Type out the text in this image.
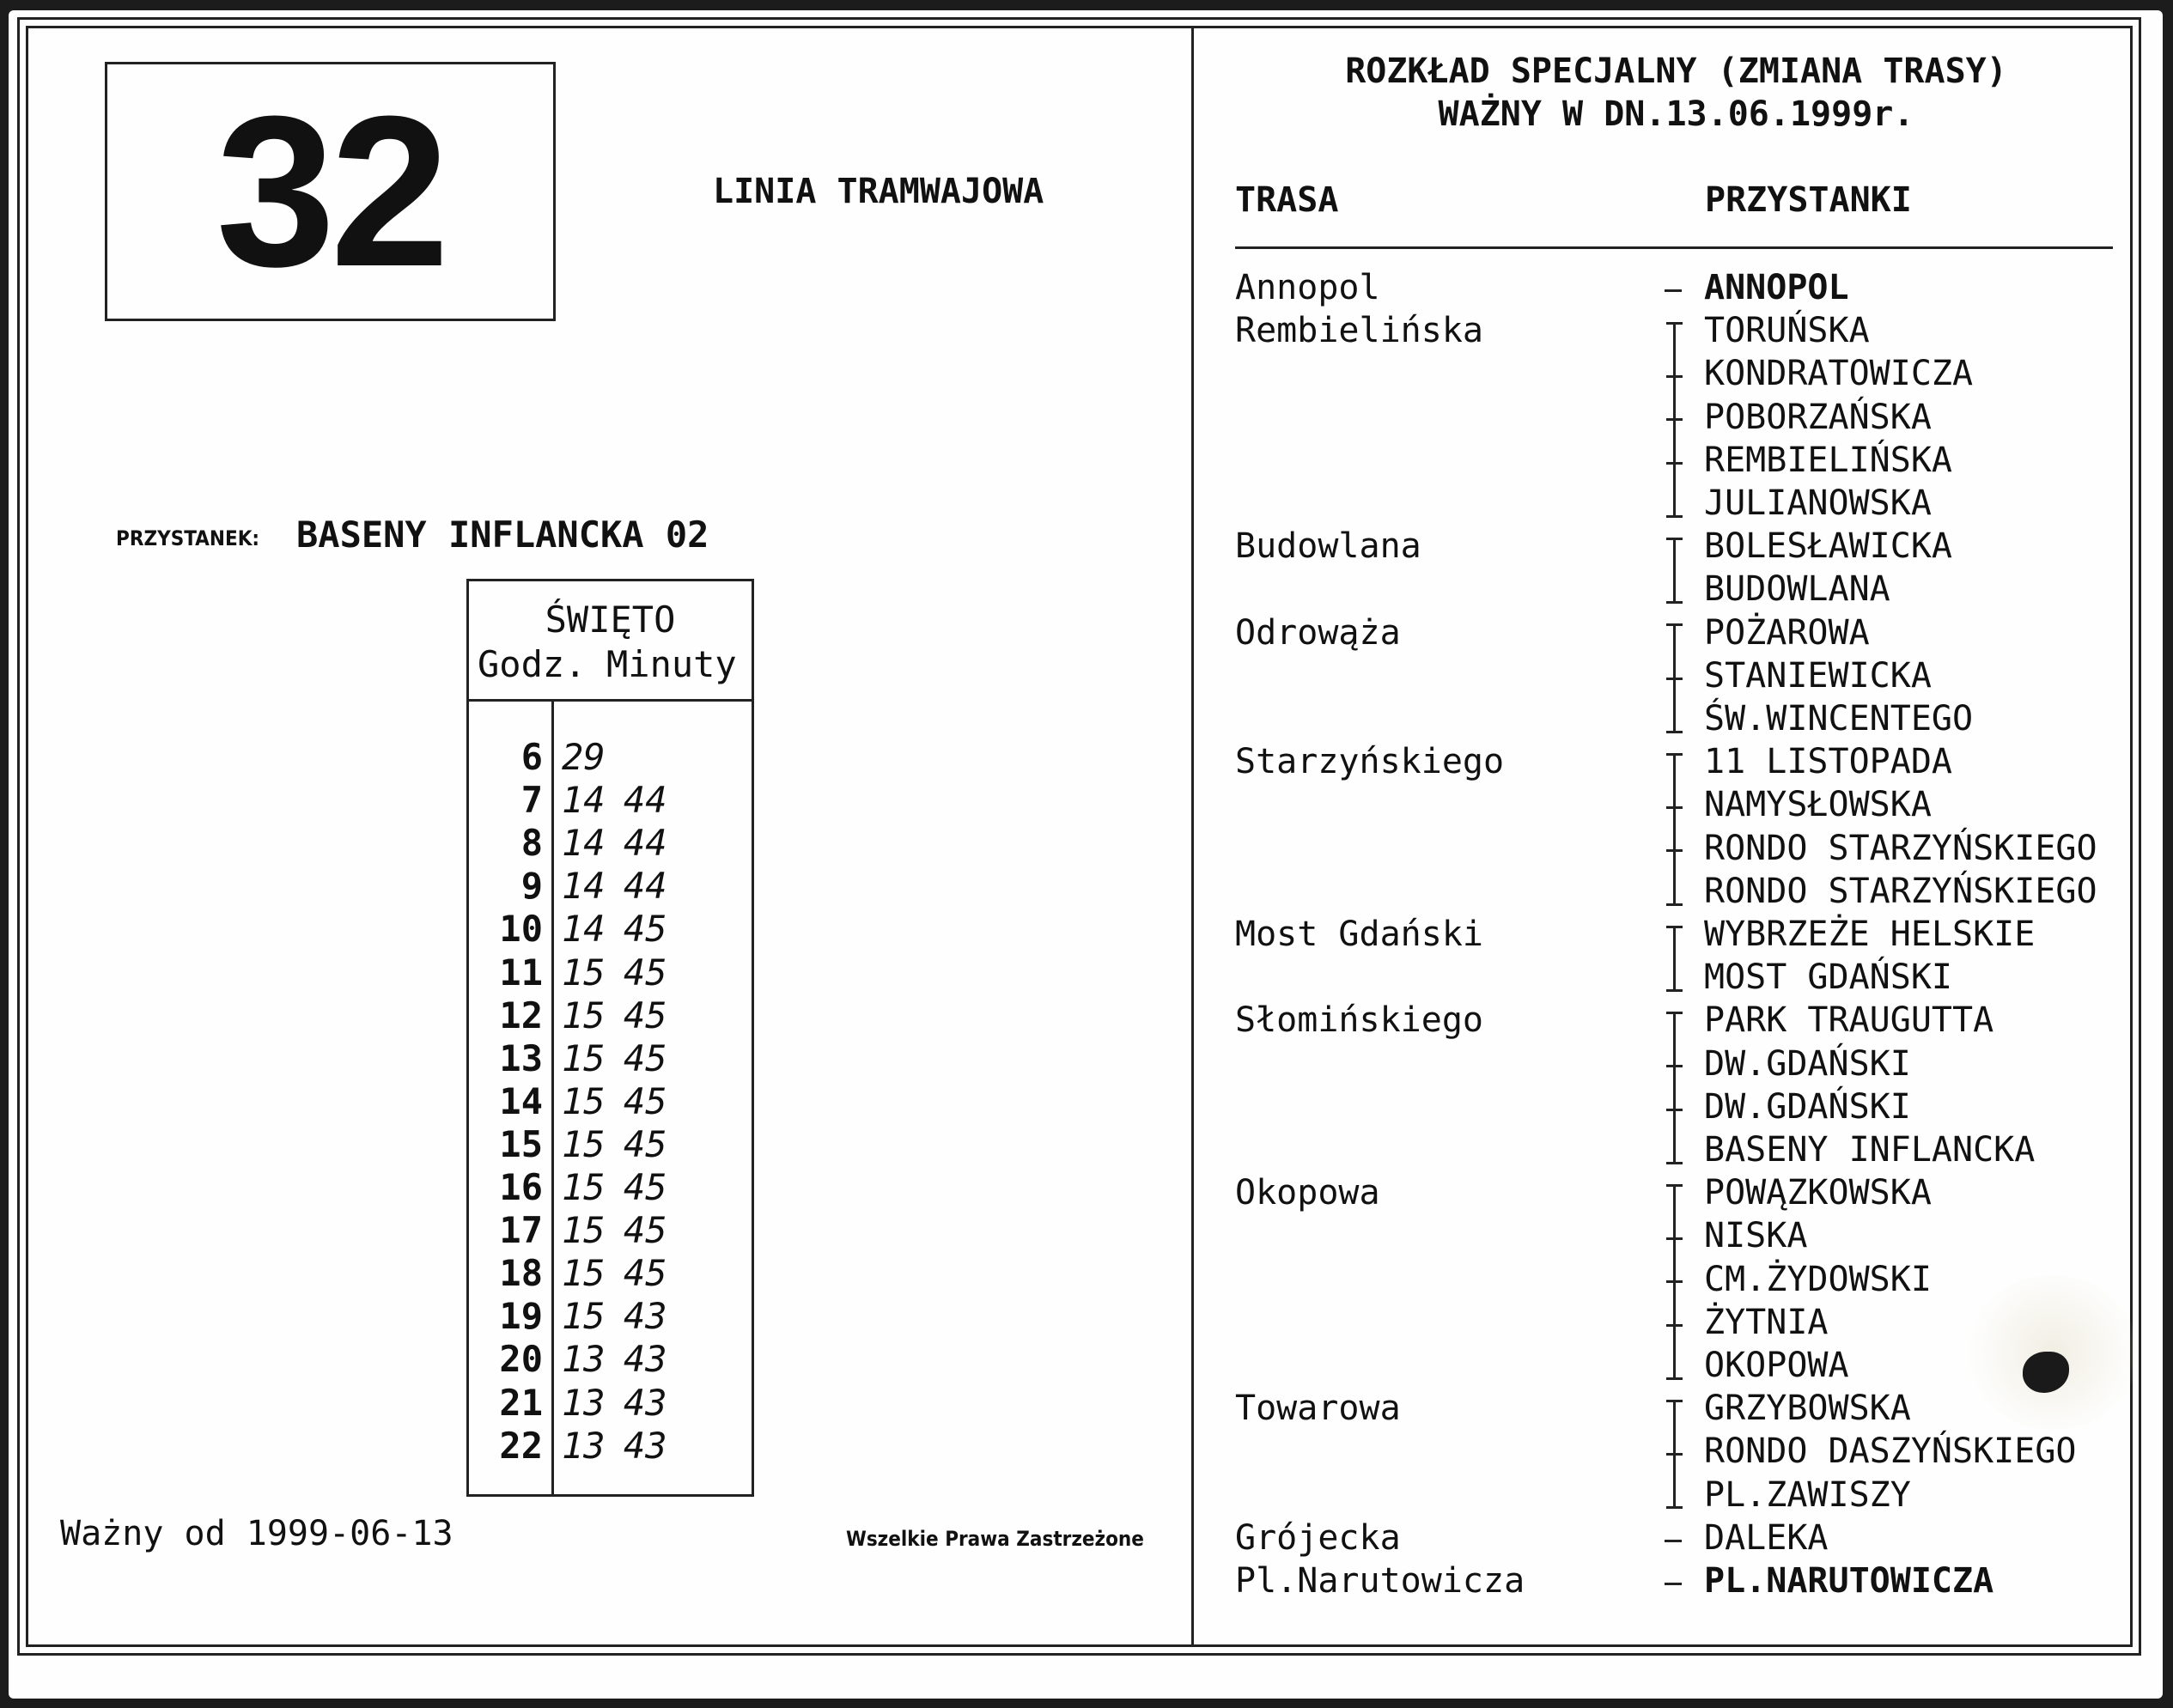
32	LINIA TRAMWAJOWA
PRZYSTANEK: BASENY INFLANCKA 02
ŚWIĘTO
Godz. Minuty
6 29
7 14 44
8 14 44
9 14 44
10 14 45
11 15 45
12 15 45
13 15 45
14 15 45
15 15 45
16 15 45
17 15 45
18 15 45
19 15 43
20 13 43
21 13 43
22 13 43
Ważny od 1999-06-13	Wszelkie Prawa Zastrzeżone
ROZKŁAD SPECJALNY (ZMIANA TRASY)
WAŻNY W DN.13.06.1999r.
TRASA	PRZYSTANKI
Annopol	ANNOPOL
Rembielińska	TORUŃSKA
KONDRATOWICZA
POBORZAŃSKA
REMBIELIŃSKA
JULIANOWSKA
Budowlana	BOLESŁAWICKA
BUDOWLANA
Odrowąża	POŻAROWA
STANIEWICKA
ŚW.WINCENTEGO
Starzyńskiego	11 LISTOPADA
NAMYSŁOWSKA
RONDO STARZYŃSKIEGO
RONDO STARZYŃSKIEGO
Most Gdański	WYBRZEŻE HELSKIE
MOST GDAŃSKI
Słomińskiego	PARK TRAUGUTTA
DW.GDAŃSKI
DW.GDAŃSKI
BASENY INFLANCKA
Okopowa	POWĄZKOWSKA
NISKA
CM.ŻYDOWSKI
ŻYTNIA
OKOPOWA
Towarowa	GRZYBOWSKA
RONDO DASZYŃSKIEGO
PL.ZAWISZY
Grójecka	DALEKA
Pl.Narutowicza	PL.NARUTOWICZA
